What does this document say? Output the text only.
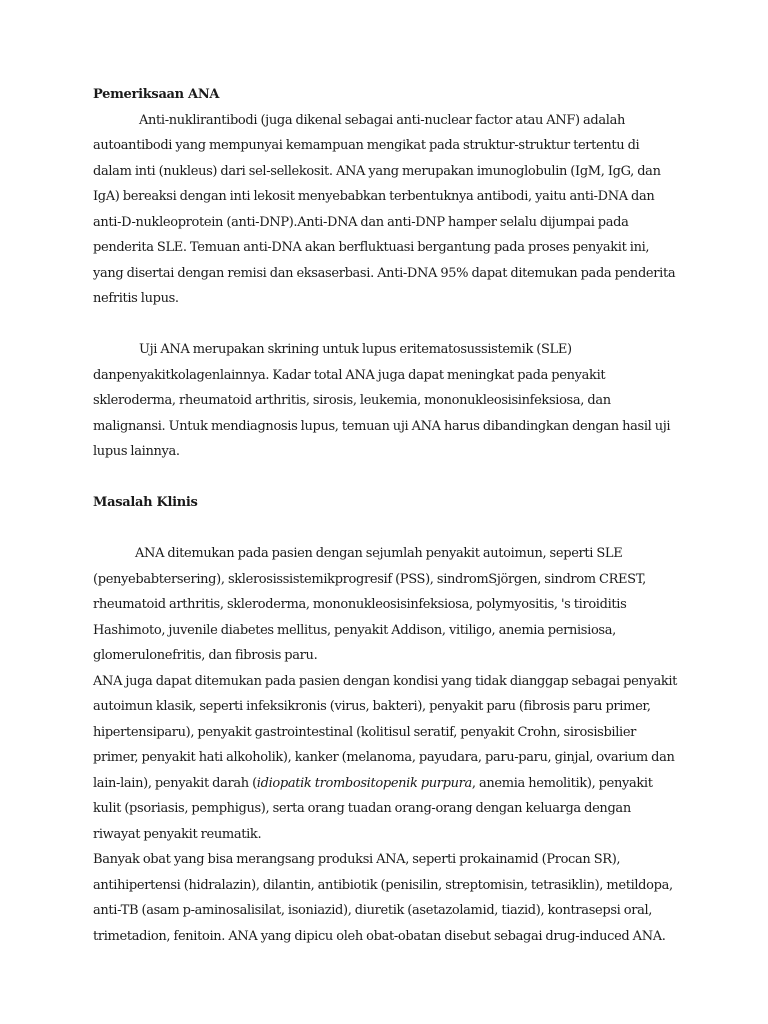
Pemeriksaan ANA

Anti-nuklirantibodi (juga dikenal sebagai anti-nuclear factor atau ANF) adalah autoantibodi yang mempunyai kemampuan mengikat pada struktur-struktur tertentu di dalam inti (nukleus) dari sel-sellekosit. ANA yang merupakan imunoglobulin (IgM, IgG, dan IgA) bereaksi dengan inti lekosit menyebabkan terbentuknya antibodi, yaitu anti-DNA dan anti-D-nukleoprotein (anti-DNP).Anti-DNA dan anti-DNP hamper selalu dijumpai pada penderita SLE. Temuan anti-DNA akan berfluktuasi bergantung pada proses penyakit ini, yang disertai dengan remisi dan eksaserbasi. Anti-DNA 95% dapat ditemukan pada penderita nefritis lupus.

Uji ANA merupakan skrining untuk lupus eritematosussistemik (SLE) danpenyakitkolagenlainnya. Kadar total ANA juga dapat meningkat pada penyakit skleroderma, rheumatoid arthritis, sirosis, leukemia, mononukleosisinfeksiosa, dan malignansi. Untuk mendiagnosis lupus, temuan uji ANA harus dibandingkan dengan hasil uji lupus lainnya.

Masalah Klinis

ANA ditemukan pada pasien dengan sejumlah penyakit autoimun, seperti SLE (penyebabtersering), sklerosissistemikprogresif (PSS), sindromSjörgen, sindrom CREST, rheumatoid arthritis, skleroderma, mononukleosisinfeksiosa, polymyositis, 's tiroiditis Hashimoto, juvenile diabetes mellitus, penyakit Addison, vitiligo, anemia pernisiosa, glomerulonefritis, dan fibrosis paru.

ANA juga dapat ditemukan pada pasien dengan kondisi yang tidak dianggap sebagai penyakit autoimun klasik, seperti infeksikronis (virus, bakteri), penyakit paru (fibrosis paru primer, hipertensiparu), penyakit gastrointestinal (kolitisul seratif, penyakit Crohn, sirosisbilier primer, penyakit hati alkoholik), kanker (melanoma, payudara, paru-paru, ginjal, ovarium dan lain-lain), penyakit darah (idiopatik trombositopenik purpura, anemia hemolitik), penyakit kulit (psoriasis, pemphigus), serta orang tuadan orang-orang dengan keluarga dengan riwayat penyakit reumatik.

Banyak obat yang bisa merangsang produksi ANA, seperti prokainamid (Procan SR), antihipertensi (hidralazin), dilantin, antibiotik (penisilin, streptomisin, tetrasiklin), metildopa, anti-TB (asam p-aminosalisilat, isoniazid), diuretik (asetazolamid, tiazid), kontrasepsi oral, trimetadion, fenitoin. ANA yang dipicu oleh obat-obatan disebut sebagai drug-induced ANA.
